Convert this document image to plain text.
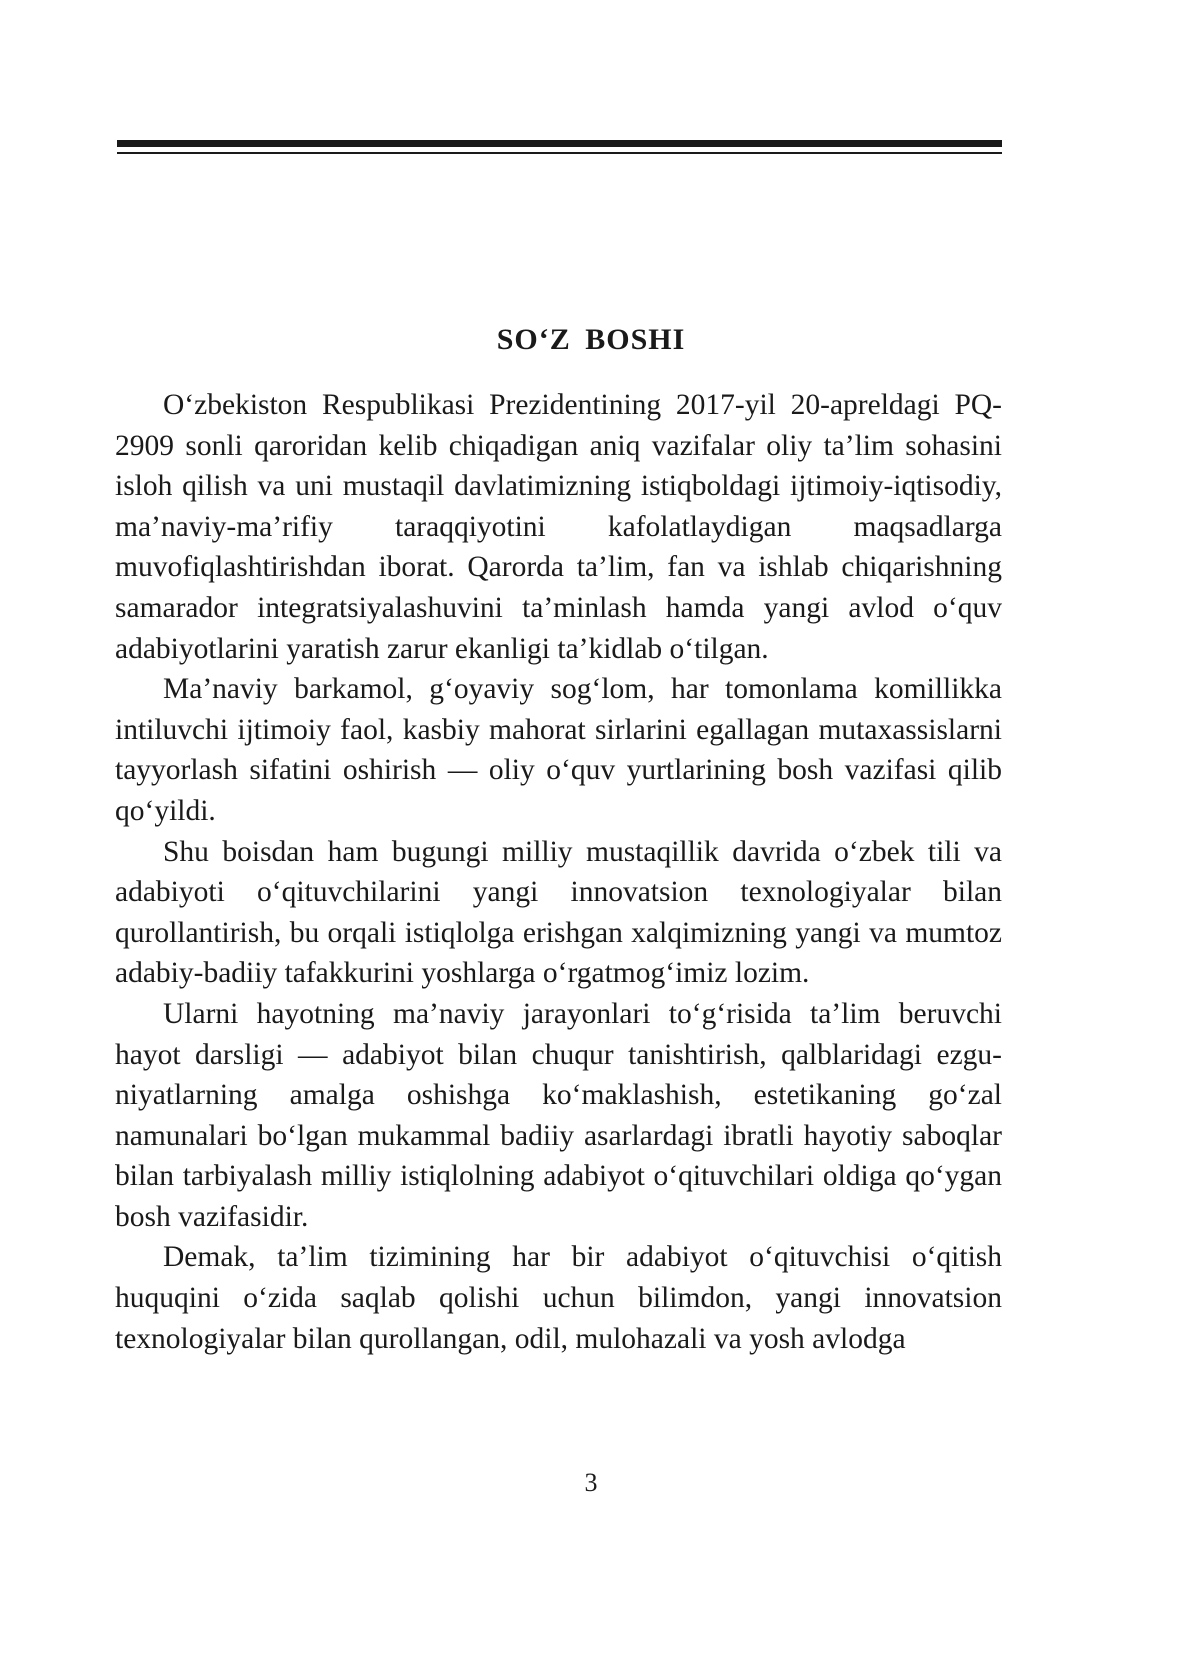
SO‘Z BOSHI

O‘zbekiston Respublikasi Prezidentining 2017-yil 20-apreldagi PQ-2909 sonli qaroridan kelib chiqadigan aniq vazifalar oliy ta’lim sohasini isloh qilish va uni mustaqil davlatimizning istiqboldagi ijtimoiy-iqtisodiy, ma’naviy-ma’rifiy taraqqiyotini kafolatlaydigan maqsadlarga muvofiqlashtirishdan iborat. Qarorda ta’lim, fan va ishlab chiqarishning samarador integratsiyalashuvini ta’minlash hamda yangi avlod o‘quv adabiyotlarini yaratish zarur ekanligi ta’kidlab o‘tilgan.

Ma’naviy barkamol, g‘oyaviy sog‘lom, har tomonlama komillikka intiluvchi ijtimoiy faol, kasbiy mahorat sirlarini egallagan mutaxassislarni tayyorlash sifatini oshirish — oliy o‘quv yurtlarining bosh vazifasi qilib qo‘yildi.

Shu boisdan ham bugungi milliy mustaqillik davrida o‘zbek tili va adabiyoti o‘qituvchilarini yangi innovatsion texnologiyalar bilan qurollantirish, bu orqali istiqlolga erishgan xalqimizning yangi va mumtoz adabiy-badiiy tafakkurini yoshlarga o‘rgatmog‘imiz lozim.

Ularni hayotning ma’naviy jarayonlari to‘g‘risida ta’lim beruvchi hayot darsligi — adabiyot bilan chuqur tanishtirish, qalblaridagi ezgu-niyatlarning amalga oshishga ko‘maklashish, estetikaning go‘zal namunalari bo‘lgan mukammal badiiy asarlardagi ibratli hayotiy saboqlar bilan tarbiyalash milliy istiqlolning adabiyot o‘qituvchilari oldiga qo‘ygan bosh vazifasidir.

Demak, ta’lim tizimining har bir adabiyot o‘qituvchisi o‘qitish huquqini o‘zida saqlab qolishi uchun bilimdon, yangi innovatsion texnologiyalar bilan qurollangan, odil, mulohazali va yosh avlodga

3
